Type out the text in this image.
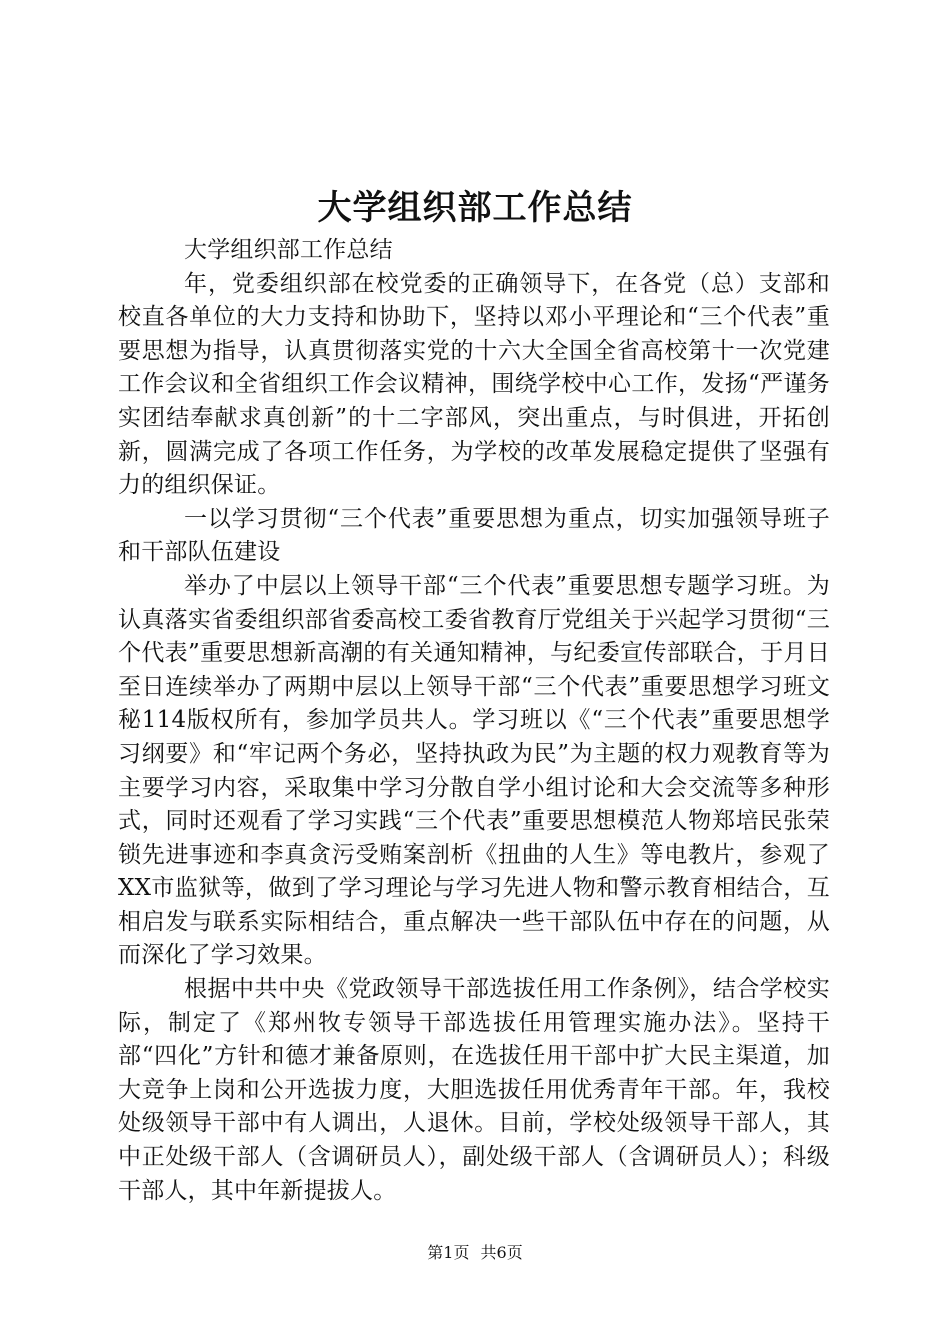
大学组织部工作总结

大学组织部工作总结

年，党委组织部在校党委的正确领导下，在各党（总）支部和校直各单位的大力支持和协助下，坚持以邓小平理论和“三个代表”重要思想为指导，认真贯彻落实党的十六大全国全省高校第十一次党建工作会议和全省组织工作会议精神，围绕学校中心工作，发扬“严谨务实团结奉献求真创新”的十二字部风，突出重点，与时俱进，开拓创新，圆满完成了各项工作任务，为学校的改革发展稳定提供了坚强有力的组织保证。

一以学习贯彻“三个代表”重要思想为重点，切实加强领导班子和干部队伍建设

举办了中层以上领导干部“三个代表”重要思想专题学习班。为认真落实省委组织部省委高校工委省教育厅党组关于兴起学习贯彻“三个代表”重要思想新高潮的有关通知精神，与纪委宣传部联合，于月日至日连续举办了两期中层以上领导干部“三个代表”重要思想学习班文秘114版权所有，参加学员共人。学习班以《“三个代表”重要思想学习纲要》和“牢记两个务必，坚持执政为民”为主题的权力观教育等为主要学习内容，采取集中学习分散自学小组讨论和大会交流等多种形式，同时还观看了学习实践“三个代表”重要思想模范人物郑培民张荣锁先进事迹和李真贪污受贿案剖析《扭曲的人生》等电教片，参观了XX市监狱等，做到了学习理论与学习先进人物和警示教育相结合，互相启发与联系实际相结合，重点解决一些干部队伍中存在的问题，从而深化了学习效果。

根据中共中央《党政领导干部选拔任用工作条例》，结合学校实际，制定了《郑州牧专领导干部选拔任用管理实施办法》。坚持干部“四化”方针和德才兼备原则，在选拔任用干部中扩大民主渠道，加大竞争上岗和公开选拔力度，大胆选拔任用优秀青年干部。年，我校处级领导干部中有人调出，人退休。目前，学校处级领导干部人，其中正处级干部人（含调研员人），副处级干部人（含调研员人）；科级干部人，其中年新提拔人。

第1页 共6页
